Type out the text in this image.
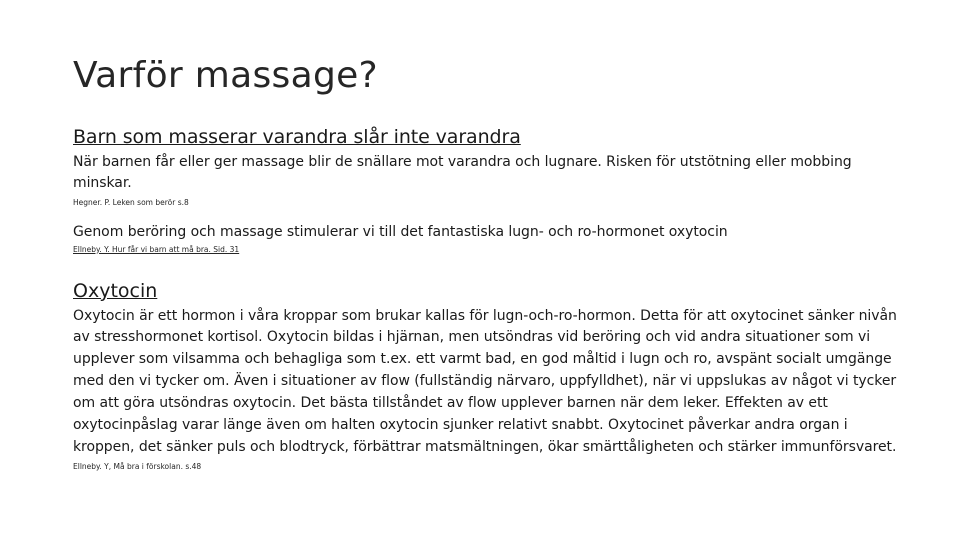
Varför massage?

Barn som masserar varandra slår inte varandra

När barnen får eller ger massage blir de snällare mot varandra och lugnare. Risken för utstötning eller mobbing minskar.

Hegner. P. Leken som berör s.8

Genom beröring och massage stimulerar vi till det fantastiska lugn- och ro-hormonet oxytocin

Ellneby. Y. Hur får vi barn att må bra. Sid. 31

Oxytocin

Oxytocin är ett hormon i våra kroppar som brukar kallas för lugn-och-ro-hormon. Detta för att oxytocinet sänker nivån av stresshormonet kortisol. Oxytocin bildas i hjärnan, men utsöndras vid beröring och vid andra situationer som vi upplever som vilsamma och behagliga som t.ex. ett varmt bad, en god måltid i lugn och ro, avspänt socialt umgänge med den vi tycker om. Även i situationer av flow (fullständig närvaro, uppfylldhet), när vi uppslukas av något vi tycker om att göra utsöndras oxytocin. Det bästa tillståndet av flow upplever barnen när dem leker. Effekten av ett oxytocinpåslag varar länge även om halten oxytocin sjunker relativt snabbt. Oxytocinet påverkar andra organ i kroppen, det sänker puls och blodtryck, förbättrar matsmältningen, ökar smärttåligheten och stärker immunförsvaret.

Ellneby. Y, Må bra i förskolan. s.48
